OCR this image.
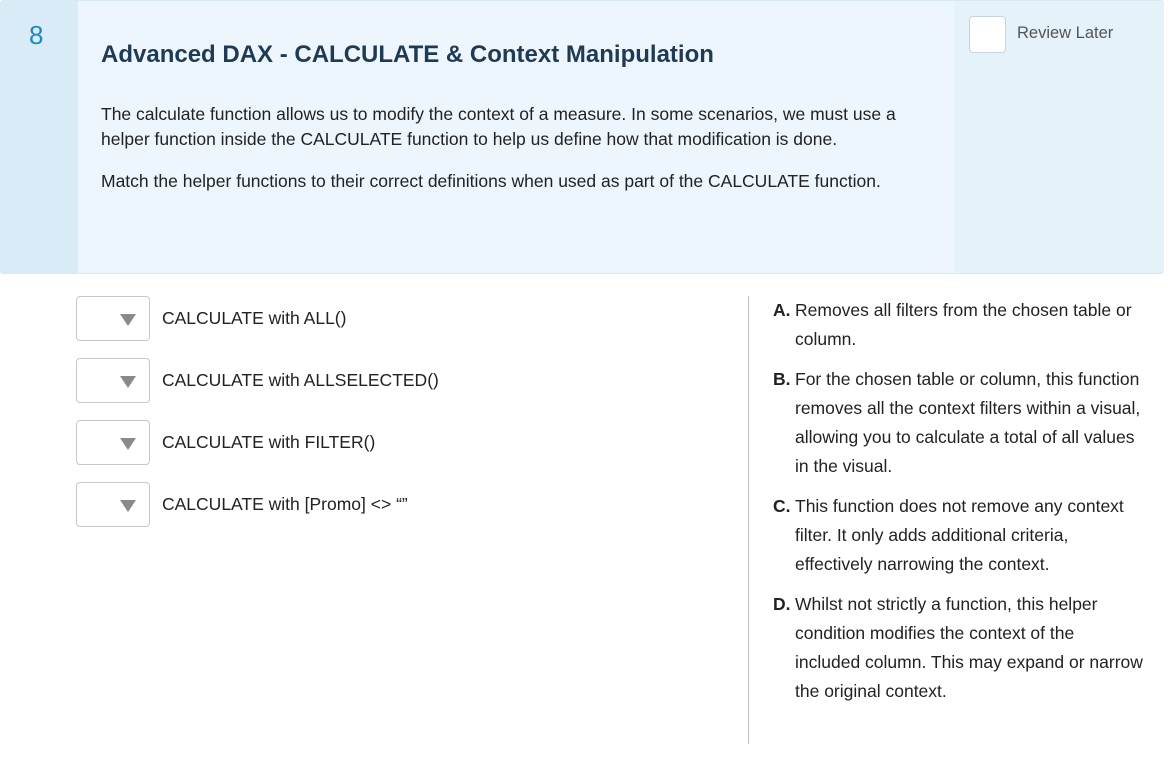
8
Advanced DAX - CALCULATE & Context Manipulation

The calculate function allows us to modify the context of a measure. In some scenarios, we must use a helper function inside the CALCULATE function to help us define how that modification is done.

Match the helper functions to their correct definitions when used as part of the CALCULATE function.

Review Later
CALCULATE with ALL()
CALCULATE with ALLSELECTED()
CALCULATE with FILTER()
CALCULATE with [Promo] <> “”
A. Removes all filters from the chosen table or column.
B. For the chosen table or column, this function removes all the context filters within a visual, allowing you to calculate a total of all values in the visual.
C. This function does not remove any context filter. It only adds additional criteria, effectively narrowing the context.
D. Whilst not strictly a function, this helper condition modifies the context of the included column. This may expand or narrow the original context.
